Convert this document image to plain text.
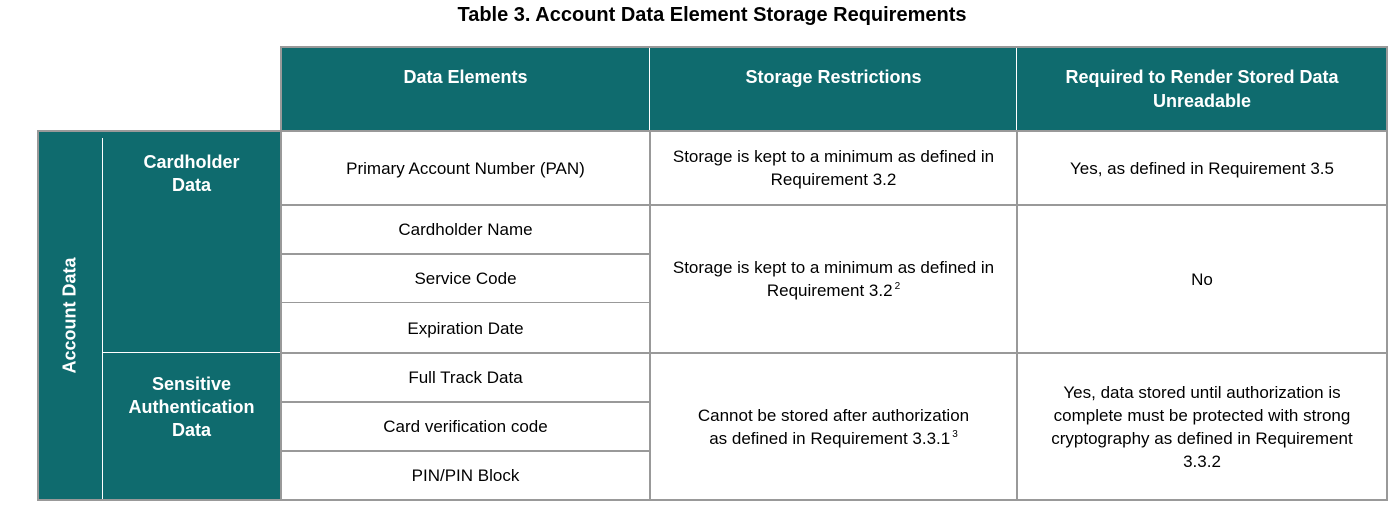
Table 3. Account Data Element Storage Requirements
Data Elements	Storage Restrictions	Required to Render Stored Data Unreadable
Account Data
Cardholder Data
Sensitive Authentication Data
Primary Account Number (PAN)
Cardholder Name
Service Code
Expiration Date
Full Track Data
Card verification code
PIN/PIN Block
Storage is kept to a minimum as defined in Requirement 3.2
Storage is kept to a minimum as defined in Requirement 3.2 $^2$
Cannot be stored after authorization as defined in Requirement 3.3.1 $^3$
Yes, as defined in Requirement 3.5
No
Yes, data stored until authorization is complete must be protected with strong cryptography as defined in Requirement 3.3.2
